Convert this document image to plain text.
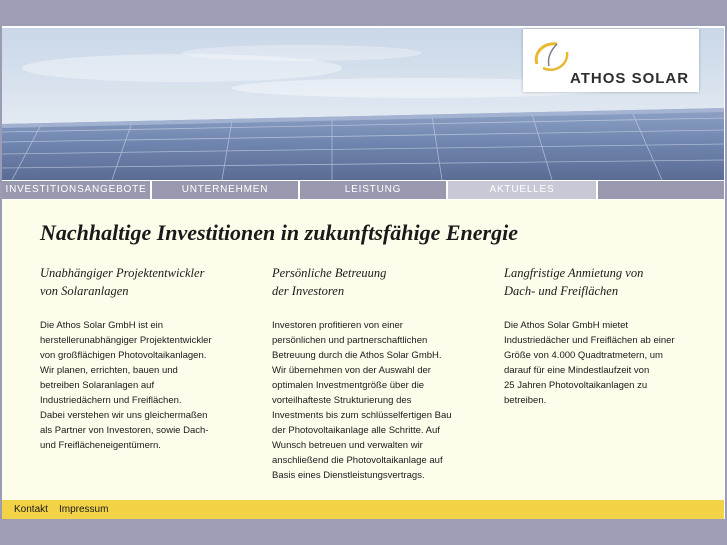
ATHOS SOLAR
INVESTITIONSANGEBOTE	UNTERNEHMEN	LEISTUNG	AKTUELLES
Nachhaltige Investitionen in zukunftsfähige Energie
Unabhängiger Projektentwickler
von Solaranlagen

Die Athos Solar GmbH ist ein
herstellerunabhängiger Projektentwickler
von großflächigen Photovoltaikanlagen.
Wir planen, errichten, bauen und
betreiben Solaranlagen auf
Industriedächern und Freiflächen.
Dabei verstehen wir uns gleichermaßen
als Partner von Investoren, sowie Dach-
und Freiflächeneigentümern.

Persönliche Betreuung
der Investoren

Investoren profitieren von einer
persönlichen und partnerschaftlichen
Betreuung durch die Athos Solar GmbH.
Wir übernehmen von der Auswahl der
optimalen Investmentgröße über die
vorteilhafteste Strukturierung des
Investments bis zum schlüsselfertigen Bau
der Photovoltaikanlage alle Schritte. Auf
Wunsch betreuen und verwalten wir
anschließend die Photovoltaikanlage auf
Basis eines Dienstleistungsvertrags.

Langfristige Anmietung von
Dach- und Freiflächen

Die Athos Solar GmbH mietet
Industriedächer und Freiflächen ab einer
Größe von 4.000 Quadtratmetern, um
darauf für eine Mindestlaufzeit von
25 Jahren Photovoltaikanlagen zu
betreiben.

Kontakt Impressum
